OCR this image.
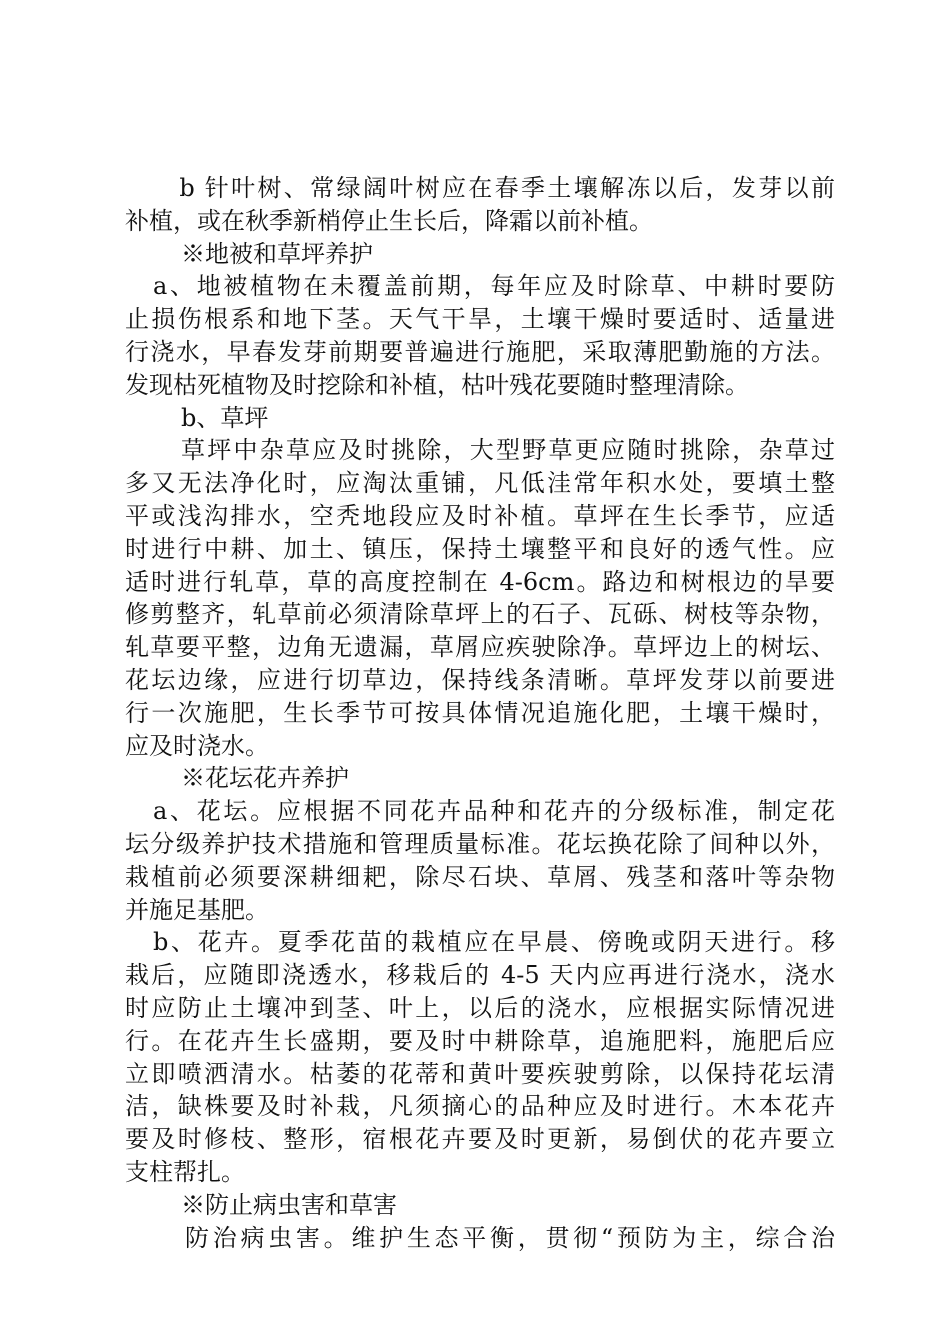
　b 针叶树、常绿阔叶树应在春季土壤解冻以后，发芽以前
补植，或在秋季新梢停止生长后，降霜以前补植。
※地被和草坪养护
a、地被植物在未覆盖前期，每年应及时除草、中耕时要防
止损伤根系和地下茎。天气干旱，土壤干燥时要适时、适量进
行浇水，早春发芽前期要普遍进行施肥，采取薄肥勤施的方法。
发现枯死植物及时挖除和补植，枯叶残花要随时整理清除。
b、草坪
草坪中杂草应及时挑除，大型野草更应随时挑除，杂草过
多又无法净化时，应淘汰重铺，凡低洼常年积水处，要填土整
平或浅沟排水，空秃地段应及时补植。草坪在生长季节，应适
时进行中耕、加土、镇压，保持土壤整平和良好的透气性。应
适时进行轧草，草的高度控制在 4-6cm。路边和树根边的旱要
修剪整齐，轧草前必须清除草坪上的石子、瓦砾、树枝等杂物，
轧草要平整，边角无遗漏，草屑应疾驶除净。草坪边上的树坛、
花坛边缘，应进行切草边，保持线条清晰。草坪发芽以前要进
行一次施肥，生长季节可按具体情况追施化肥，土壤干燥时，
应及时浇水。
※花坛花卉养护
a、花坛。应根据不同花卉品种和花卉的分级标准，制定花
坛分级养护技术措施和管理质量标准。花坛换花除了间种以外，
栽植前必须要深耕细耙，除尽石块、草屑、残茎和落叶等杂物
并施足基肥。
b、花卉。夏季花苗的栽植应在早晨、傍晚或阴天进行。移
栽后，应随即浇透水，移栽后的 4-5 天内应再进行浇水，浇水
时应防止土壤冲到茎、叶上，以后的浇水，应根据实际情况进
行。在花卉生长盛期，要及时中耕除草，追施肥料，施肥后应
立即喷洒清水。枯萎的花蒂和黄叶要疾驶剪除，以保持花坛清
洁，缺株要及时补栽，凡须摘心的品种应及时进行。木本花卉
要及时修枝、整形，宿根花卉要及时更新，易倒伏的花卉要立
支柱帮扎。
※防止病虫害和草害
防治病虫害。维护生态平衡，贯彻“预防为主，综合治
